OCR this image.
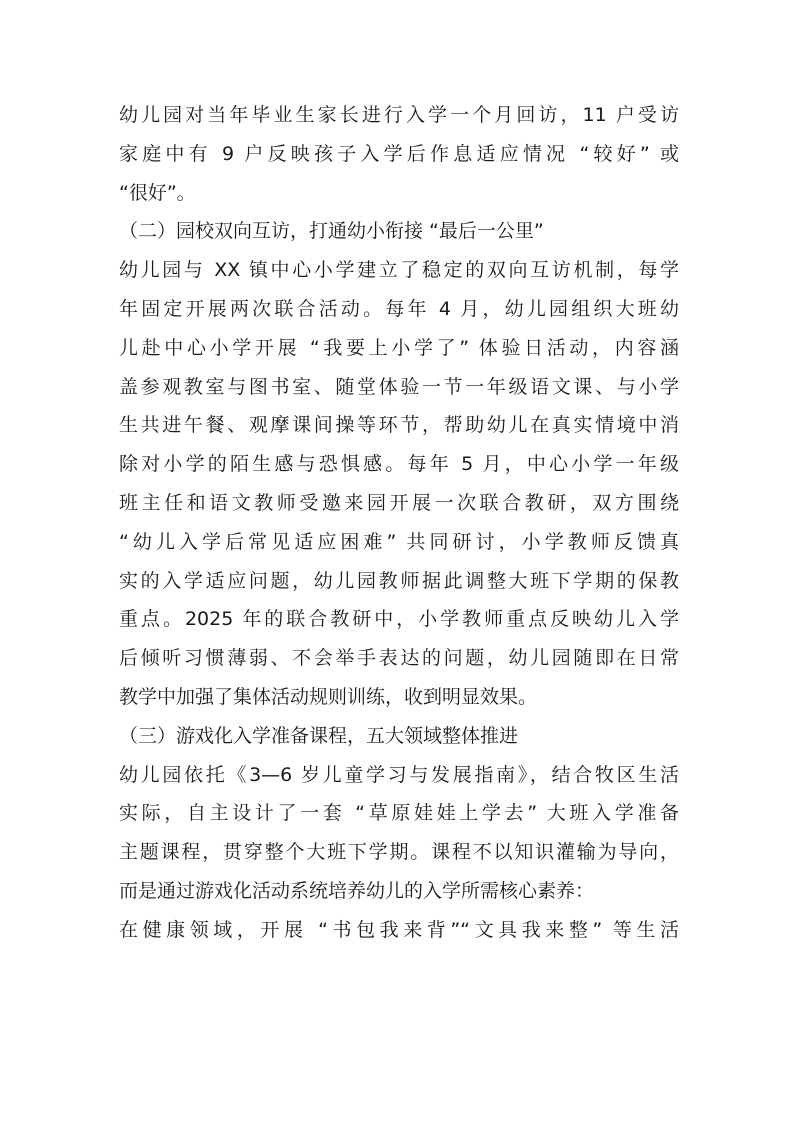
幼儿园对当年毕业生家长进行入学一个月回访，11 户受访
家庭中有 9 户反映孩子入学后作息适应情况 “较好” 或
“很好”。
（二）园校双向互访，打通幼小衔接 “最后一公里”
幼儿园与 XX 镇中心小学建立了稳定的双向互访机制，每学
年固定开展两次联合活动。每年 4 月，幼儿园组织大班幼
儿赴中心小学开展 “我要上小学了” 体验日活动，内容涵
盖参观教室与图书室、随堂体验一节一年级语文课、与小学
生共进午餐、观摩课间操等环节，帮助幼儿在真实情境中消
除对小学的陌生感与恐惧感。每年 5 月，中心小学一年级
班主任和语文教师受邀来园开展一次联合教研，双方围绕
“幼儿入学后常见适应困难” 共同研讨，小学教师反馈真
实的入学适应问题，幼儿园教师据此调整大班下学期的保教
重点。2025 年的联合教研中，小学教师重点反映幼儿入学
后倾听习惯薄弱、不会举手表达的问题，幼儿园随即在日常
教学中加强了集体活动规则训练，收到明显效果。
（三）游戏化入学准备课程，五大领域整体推进
幼儿园依托《3—6 岁儿童学习与发展指南》，结合牧区生活
实际，自主设计了一套 “草原娃娃上学去” 大班入学准备
主题课程，贯穿整个大班下学期。课程不以知识灌输为导向，
而是通过游戏化活动系统培养幼儿的入学所需核心素养：
在健康领域，开展 “书包我来背”“文具我来整” 等生活
